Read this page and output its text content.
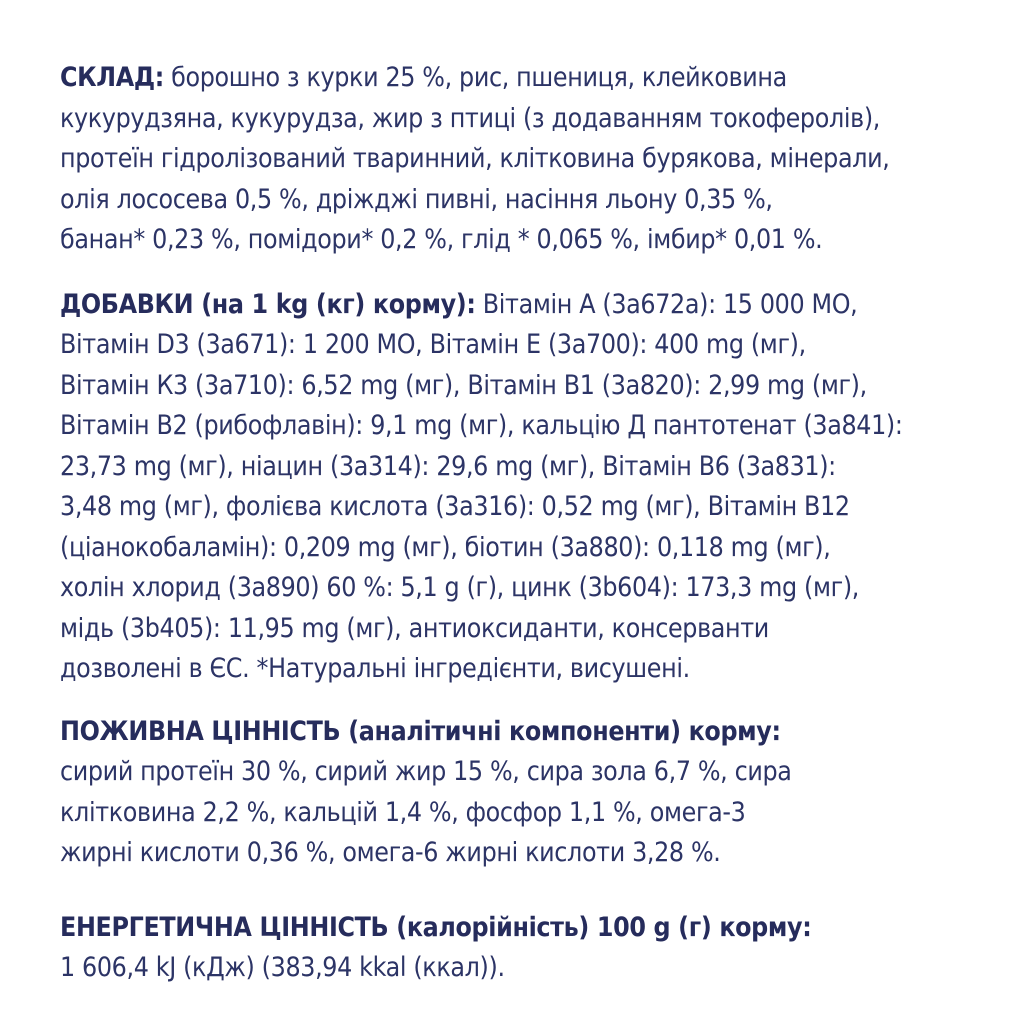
СКЛАД: борошно з курки 25 %, рис, пшениця, клейковина
кукурудзяна, кукурудза, жир з птиці (з додаванням токоферолів),
протеїн гідролізований тваринний, клітковина бурякова, мінерали,
олія лососева 0,5 %, дріжджі пивні, насіння льону 0,35 %,
банан* 0,23 %, помідори* 0,2 %, глід * 0,065 %, імбир* 0,01 %.
ДОБАВКИ (на 1 kg (кг) корму): Вітамін А (3а672а): 15 000 МО,
Вітамін D3 (3а671): 1 200 МО, Вітамін Е (3а700): 400 mg (мг),
Вітамін К3 (3а710): 6,52 mg (мг), Вітамін В1 (3а820): 2,99 mg (мг),
Вітамін В2 (рибофлавін): 9,1 mg (мг), кальцію Д пантотенат (3а841):
23,73 mg (мг), ніацин (3а314): 29,6 mg (мг), Вітамін В6 (3а831):
3,48 mg (мг), фолієва кислота (3а316): 0,52 mg (мг), Вітамін В12
(ціанокобаламін): 0,209 mg (мг), біотин (3а880): 0,118 mg (мг),
холін хлорид (3а890) 60 %: 5,1 g (г), цинк (3b604): 173,3 mg (мг),
мідь (3b405): 11,95 mg (мг), антиоксиданти, консерванти
дозволені в ЄС. *Натуральні інгредієнти, висушені.
ПОЖИВНА ЦІННІСТЬ (аналітичні компоненти) корму:
сирий протеїн 30 %, сирий жир 15 %, сира зола 6,7 %, сира
клітковина 2,2 %, кальцій 1,4 %, фосфор 1,1 %, омега-3
жирні кислоти 0,36 %, омега-6 жирні кислоти 3,28 %.
ЕНЕРГЕТИЧНА ЦІННІСТЬ (калорійність) 100 g (г) корму:
1 606,4 kJ (кДж) (383,94 kkal (ккал)).
